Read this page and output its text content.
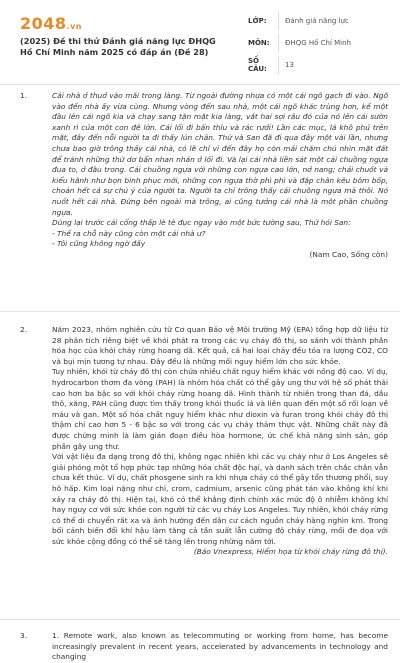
2048.vn
(2025) Đề thi thử Đánh giá năng lực ĐHQG Hồ Chí Minh năm 2025 có đáp án (Đề 28)
LỚP:	Đánh giá năng lực
MÔN:	ĐHQG Hồ Chí Minh
SỐ CÂU:	13
1.	Cái nhà ở thuở vào mãi trong làng. Từ ngoài đường nhựa có một cái ngõ gạch đi vào. Ngõ vào đến nhà ấy vừa cùng. Nhưng vòng đến sau nhà, một cái ngõ khác trùng hơn, kế một đầu lên cái ngõ kia và chạy sang tận mặt kia làng, vắt hai sợi râu đó của nó lên cái sườn xanh rì của một con đê lớn. Cái lối đi bấn thỉu và rác rưởi! Lần các mục, lá khô phủ trên mặt, đây đến nỗi người ta đi thấy lún chân. Thứ và San đã đi qua đây một vài lần, nhưng chưa bao giờ trông thấy cái nhà, có lẽ chỉ vì đến đây họ còn mải chăm chú nhìn mặt đất để tránh những thứ dơ bẩn nhan nhản ở lối đi. Và lại cái nhà liền sát một cái chuồng ngựa đua to, ở đầu trong. Cái chuồng ngựa với những con ngựa cao lớn, nở nang; chải chuốt và kiểu hãnh như bọn binh phục mới, những con ngựa thờ phì phì và đập chân kêu bôm bốp, choán hết cả sự chú ý của người ta. Người ta chỉ trông thấy cái chuồng ngựa mà thôi. Nó nuốt hết cái nhà. Đứng bên ngoài mà trông, ai cũng tưởng cái nhà là một phần chuồng ngựa.

Dùng lại trước cái cổng thấp lè tè đục ngay vào một bức tường sau, Thứ hỏi San:

- Thế ra chỗ này cũng còn một cái nhà ư?

- Tôi cũng không ngờ đấy

(Nam Cao, Sống còn)

2.	Năm 2023, nhóm nghiên cứu từ Cơ quan Bảo vệ Môi trường Mỹ (EPA) tổng hợp dữ liệu từ 28 phân tích riêng biệt về khói phát ra trong các vụ cháy đô thị, so sánh với thành phần hóa học của khói cháy rừng hoang dã. Kết quả, cả hai loại cháy đều tỏa ra lượng CO2, CO và bụi mịn tương tự nhau. Đây đều là những mối nguy hiểm lớn cho sức khỏe.

Tuy nhiên, khói từ cháy đô thị còn chứa nhiều chất nguy hiểm khác với nồng độ cao. Ví dụ, hydrocarbon thơm đa vòng (PAH) là nhóm hóa chất có thể gây ung thư với hệ số phát thải cao hơn ba bậc so với khói cháy rừng hoang dã. Hình thành từ nhiên trong than đá, dầu thô, xăng, PAH cũng được tìm thấy trong khói thuốc lá và liên quan đến một số rối loạn về máu và gan. Một số hóa chất nguy hiểm khác như dioxin và furan trong khói cháy đô thị thậm chí cao hơn 5 - 6 bậc so với trong các vụ cháy thảm thực vật. Những chất này đã được chứng minh là làm gián đoạn điều hòa hormone, ức chế khả năng sinh sản, góp phần gây ung thư.

Với vật liệu đa dạng trong đô thị, không ngạc nhiên khi các vụ cháy như ở Los Angeles sẽ giải phóng một tổ hợp phức tạp những hóa chất độc hại, và danh sách trên chắc chắn vẫn chưa kết thúc. Ví dụ, chất phosgene sinh ra khi nhựa cháy có thể gây tổn thương phổi, suy hô hấp. Kim loại nặng như chì, crom, cadmium, arsenic cũng phát tán vào không khí khi xảy ra cháy đô thị. Hiện tại, khó có thể khẳng định chính xác mức độ ô nhiễm không khí hay nguy cơ với sức khỏe con người từ các vụ cháy Los Angeles. Tuy nhiên, khói cháy rừng có thể di chuyển rất xa và ảnh hưởng đến dân cư cách nguồn cháy hàng nghìn km. Trong bối cảnh biến đổi khí hậu làm tăng cả tần suất lẫn cường độ cháy rừng, mối đe dọa với sức khỏe cộng đồng có thể sẽ tăng lên trong những năm tới.

(Báo Vnexpress, Hiểm họa từ khói cháy rừng đô thị).

3.	1. Remote work, also known as telecommuting or working from home, has become increasingly prevalent in recent years, accelerated by advancements in technology and changing
